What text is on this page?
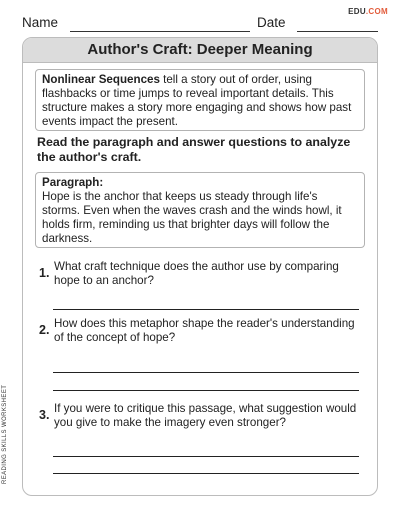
EDU.COM
Name	Date
Author's Craft: Deeper Meaning
Nonlinear Sequences tell a story out of order, using flashbacks or time jumps to reveal important details. This structure makes a story more engaging and shows how past events impact the present.
Read the paragraph and answer questions to analyze the author's craft.
Paragraph:
Hope is the anchor that keeps us steady through life's storms. Even when the waves crash and the winds howl, it holds firm, reminding us that brighter days will follow the darkness.
1. What craft technique does the author use by comparing hope to an anchor?
2. How does this metaphor shape the reader's understanding of the concept of hope?
3. If you were to critique this passage, what suggestion would you give to make the imagery even stronger?
READING SKILLS WORKSHEET
